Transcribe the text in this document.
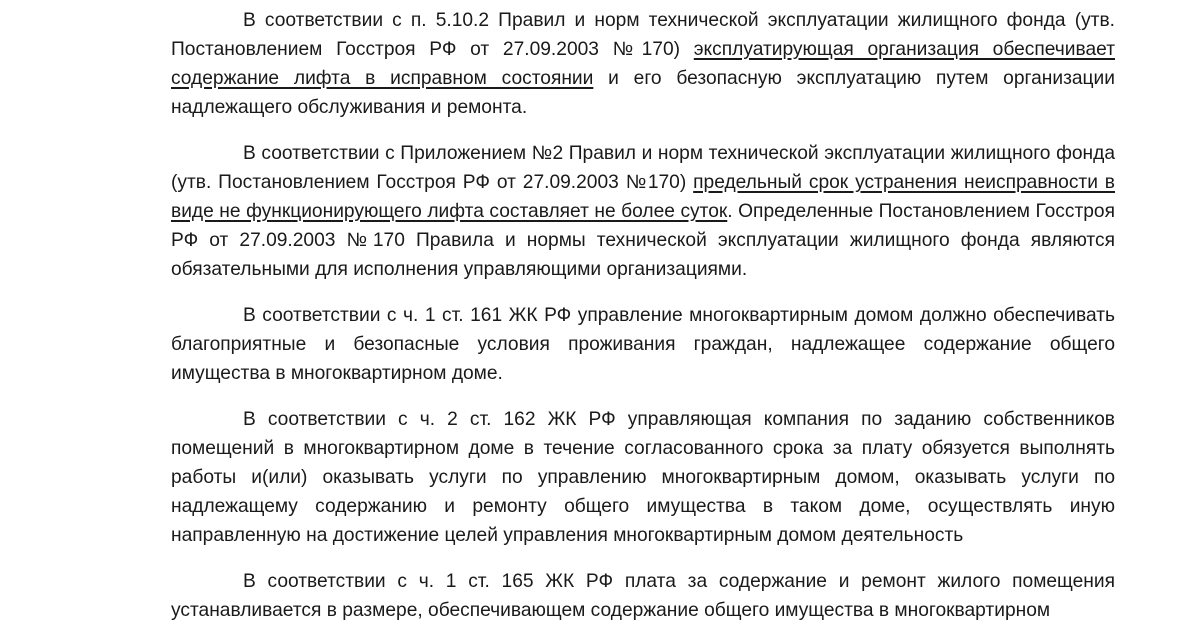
В соответствии с п. 5.10.2 Правил и норм технической эксплуатации жилищного фонда (утв. Постановлением Госстроя РФ от 27.09.2003 №170) эксплуатирующая организация обеспечивает содержание лифта в исправном состоянии и его безопасную эксплуатацию путем организации надлежащего обслуживания и ремонта.

В соответствии с Приложением №2 Правил и норм технической эксплуатации жилищного фонда (утв. Постановлением Госстроя РФ от 27.09.2003 №170) предельный срок устранения неисправности в виде не функционирующего лифта составляет не более суток. Определенные Постановлением Госстроя РФ от 27.09.2003 №170 Правила и нормы технической эксплуатации жилищного фонда являются обязательными для исполнения управляющими организациями.

В соответствии с ч. 1 ст. 161 ЖК РФ управление многоквартирным домом должно обеспечивать благоприятные и безопасные условия проживания граждан, надлежащее содержание общего имущества в многоквартирном доме.

В соответствии с ч. 2 ст. 162 ЖК РФ управляющая компания по заданию собственников помещений в многоквартирном доме в течение согласованного срока за плату обязуется выполнять работы и(или) оказывать услуги по управлению многоквартирным домом, оказывать услуги по надлежащему содержанию и ремонту общего имущества в таком доме, осуществлять иную направленную на достижение целей управления многоквартирным домом деятельность

В соответствии с ч. 1 ст. 165 ЖК РФ плата за содержание и ремонт жилого помещения устанавливается в размере, обеспечивающем содержание общего имущества в многоквартирном
